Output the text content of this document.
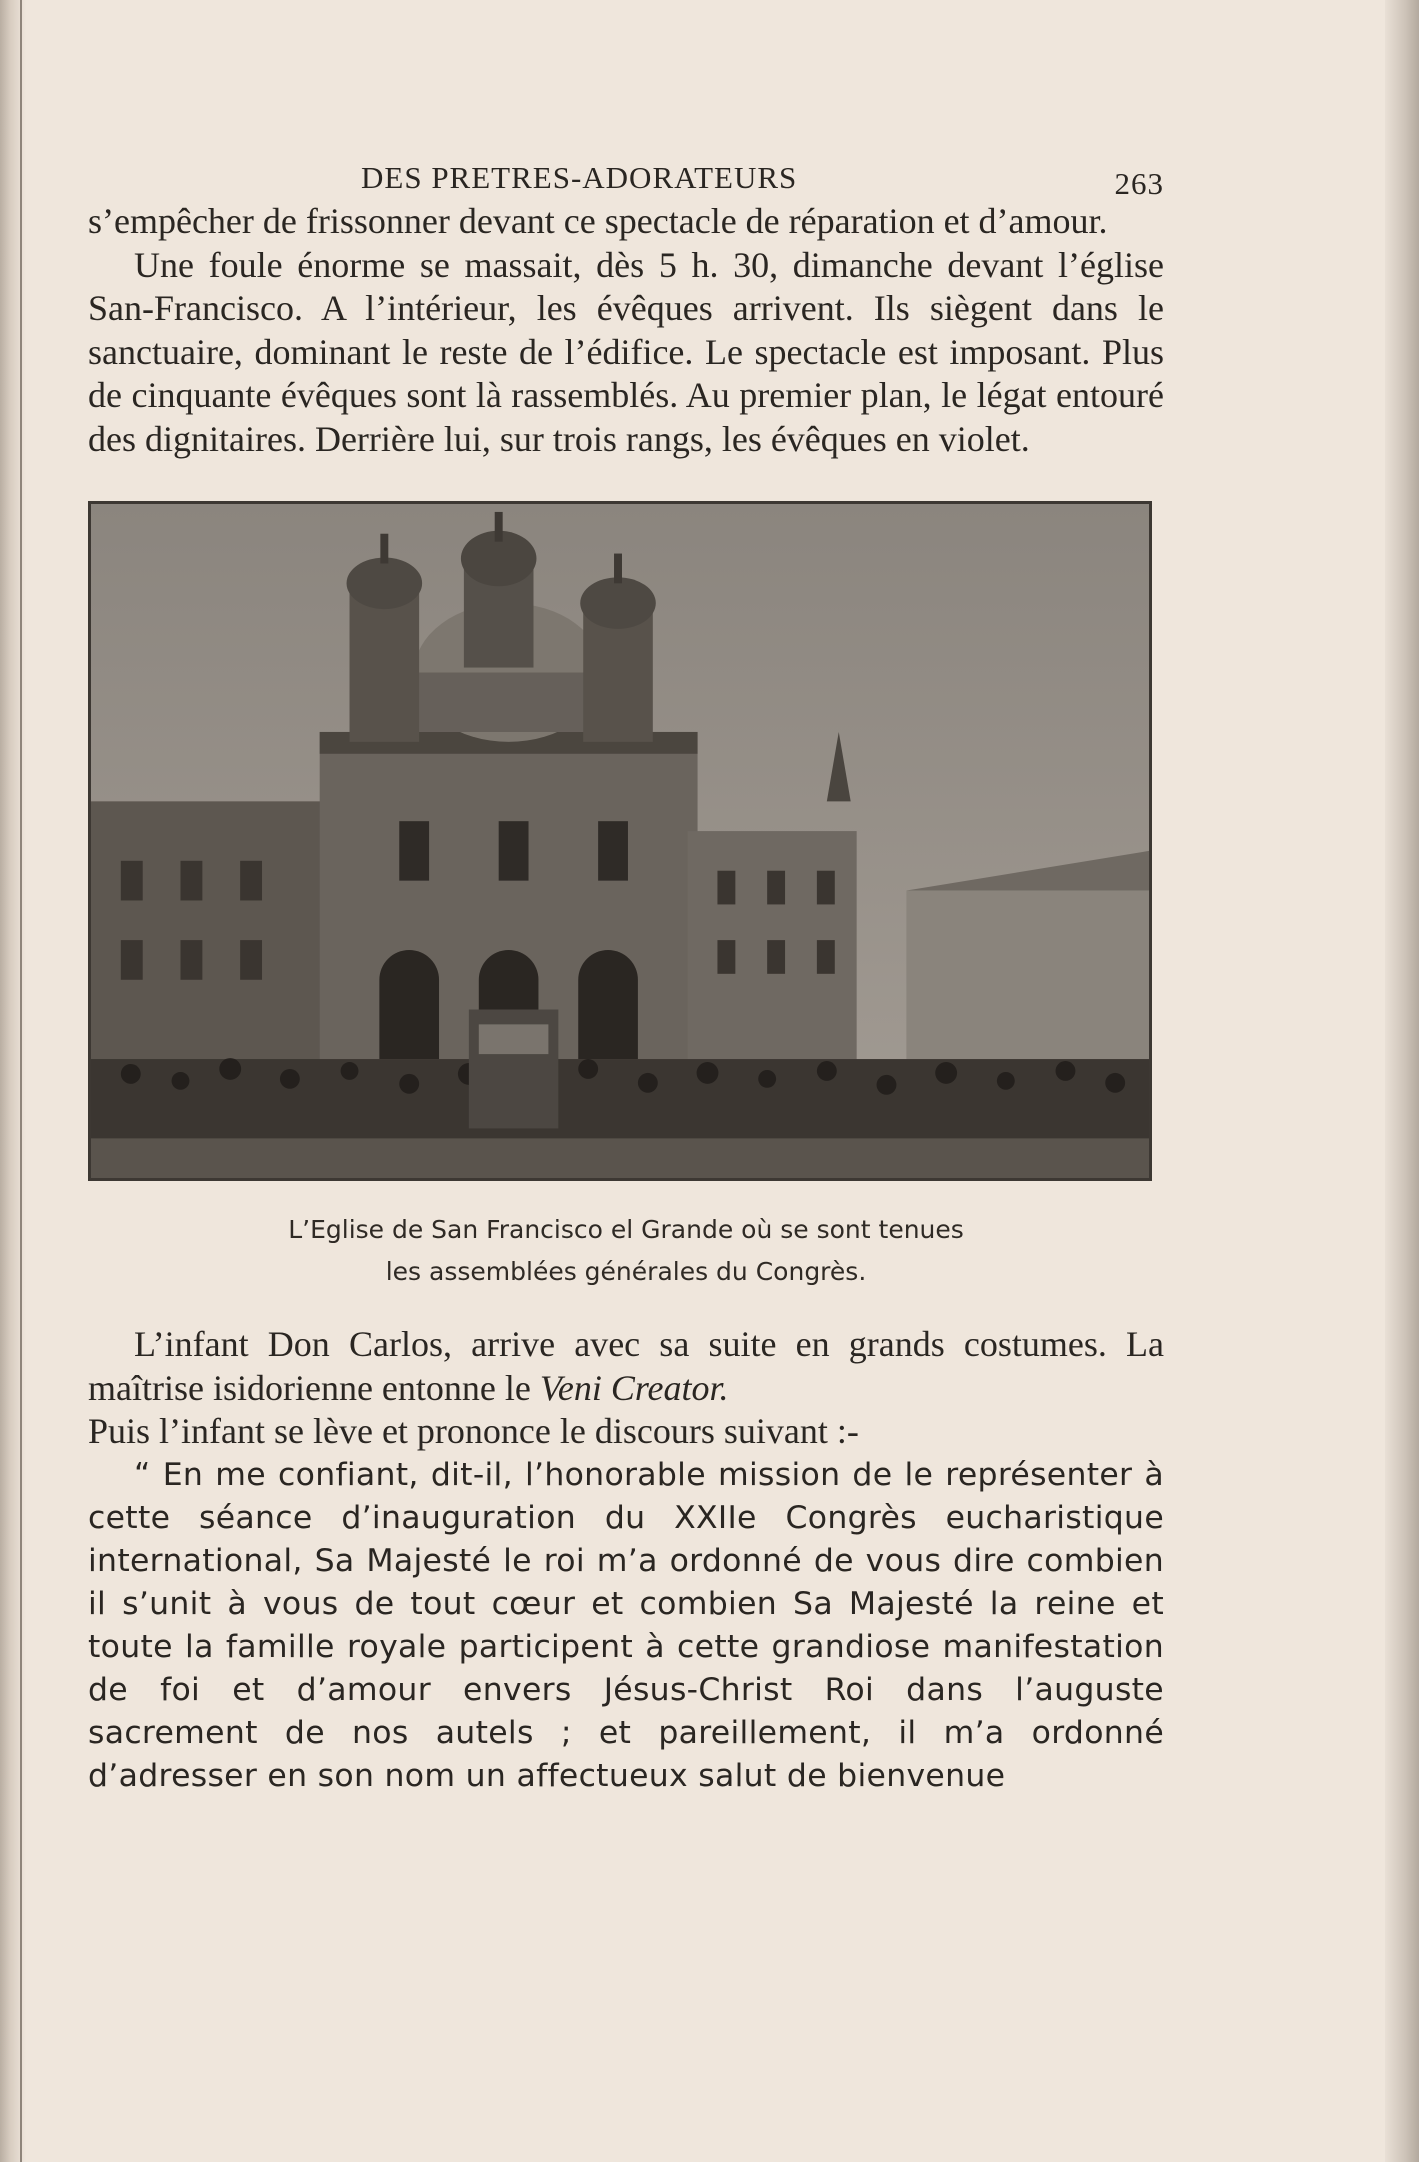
DES PRETRES-ADORATEURS	263

s’empêcher de frissonner devant ce spectacle de réparation et d’amour.

Une foule énorme se massait, dès 5 h. 30, dimanche devant l’église San-Francisco. A l’intérieur, les évêques arrivent. Ils siègent dans le sanctuaire, dominant le reste de l’édifice. Le spectacle est imposant. Plus de cinquante évêques sont là rassemblés. Au premier plan, le légat entouré des dignitaires. Derrière lui, sur trois rangs, les évêques en violet.

L’Eglise de San Francisco el Grande où se sont tenues
les assemblées générales du Congrès.

L’infant Don Carlos, arrive avec sa suite en grands costumes. La maîtrise isidorienne entonne le Veni Creator.

Puis l’infant se lève et prononce le discours suivant :-

“ En me confiant, dit-il, l’honorable mission de le représenter à cette séance d’inauguration du XXIIe Congrès eucharistique international, Sa Majesté le roi m’a ordonné de vous dire combien il s’unit à vous de tout cœur et combien Sa Majesté la reine et toute la famille royale participent à cette grandiose manifestation de foi et d’amour envers Jésus-Christ Roi dans l’auguste sacrement de nos autels ; et pareillement, il m’a ordonné d’adresser en son nom un affectueux salut de bienvenue
